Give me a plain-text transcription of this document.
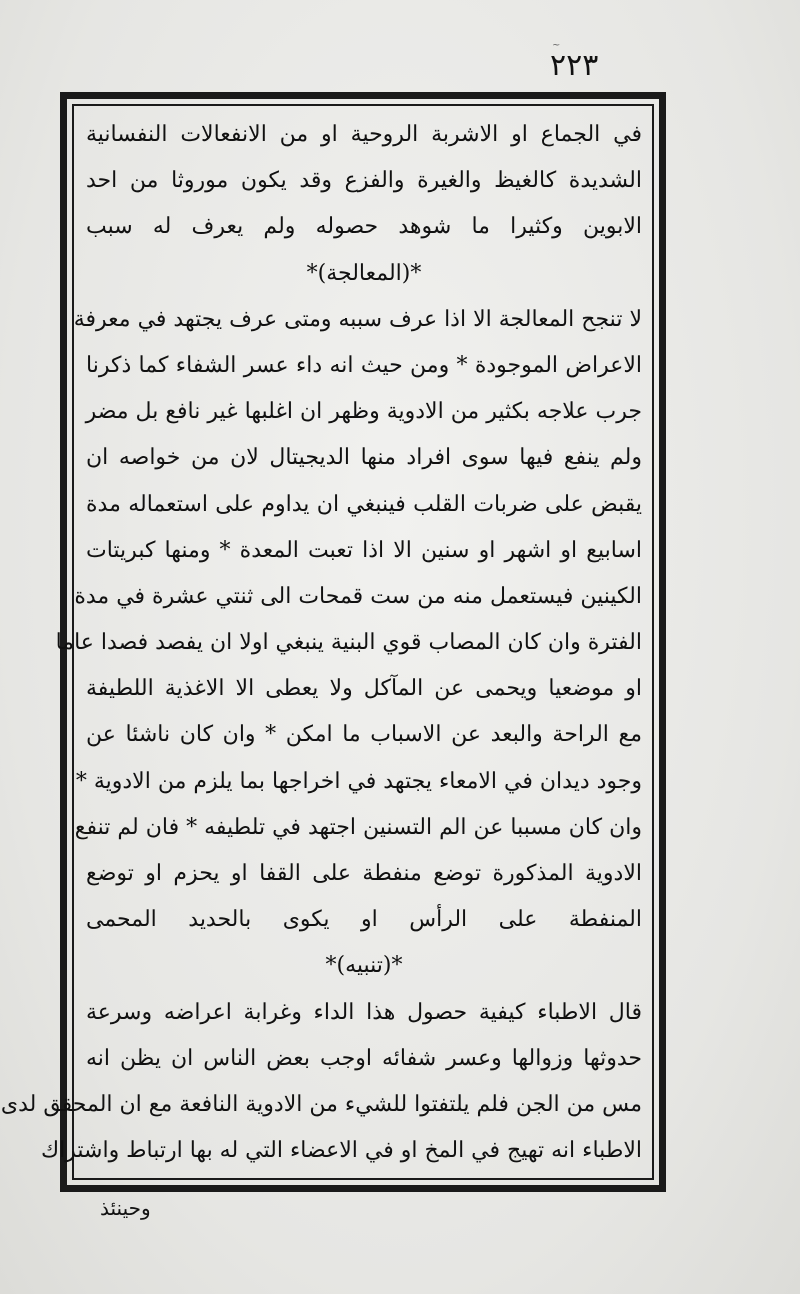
~
٢٢٣
في الجماع او الاشربة الروحية او من الانفعالات النفسانية
الشديدة كالغيظ والغيرة والفزع وقد يكون موروثا من احد
الابوين وكثيرا ما شوهد حصوله ولم يعرف له سبب
*(المعالجة)*
لا تنجح المعالجة الا اذا عرف سببه ومتى عرف يجتهد في معرفة
الاعراض الموجودة * ومن حيث انه داء عسر الشفاء كما ذكرنا
جرب علاجه بكثير من الادوية وظهر ان اغلبها غير نافع بل مضر
ولم ينفع فيها سوى افراد منها الديجيتال لان من خواصه ان
يقبض على ضربات القلب فينبغي ان يداوم على استعماله مدة
اسابيع او اشهر او سنين الا اذا تعبت المعدة * ومنها كبريتات
الكينين فيستعمل منه من ست قمحات الى ثنتي عشرة في مدة
الفترة وان كان المصاب قوي البنية ينبغي اولا ان يفصد فصدا عاما
او موضعيا ويحمى عن المآكل ولا يعطى الا الاغذية اللطيفة
مع الراحة والبعد عن الاسباب ما امكن * وان كان ناشئا عن
وجود ديدان في الامعاء يجتهد في اخراجها بما يلزم من الادوية *
وان كان مسببا عن الم التسنين اجتهد في تلطيفه * فان لم تنفع
الادوية المذكورة توضع منفطة على القفا او يحزم او توضع
المنفطة على الرأس او يكوى بالحديد المحمى
*(تنبيه)*
قال الاطباء كيفية حصول هذا الداء وغرابة اعراضه وسرعة
حدوثها وزوالها وعسر شفائه اوجب بعض الناس ان يظن انه
مس من الجن فلم يلتفتوا للشيء من الادوية النافعة مع ان المحقق لدى
الاطباء انه تهيج في المخ او في الاعضاء التي له بها ارتباط واشتراك
وحينئذ
